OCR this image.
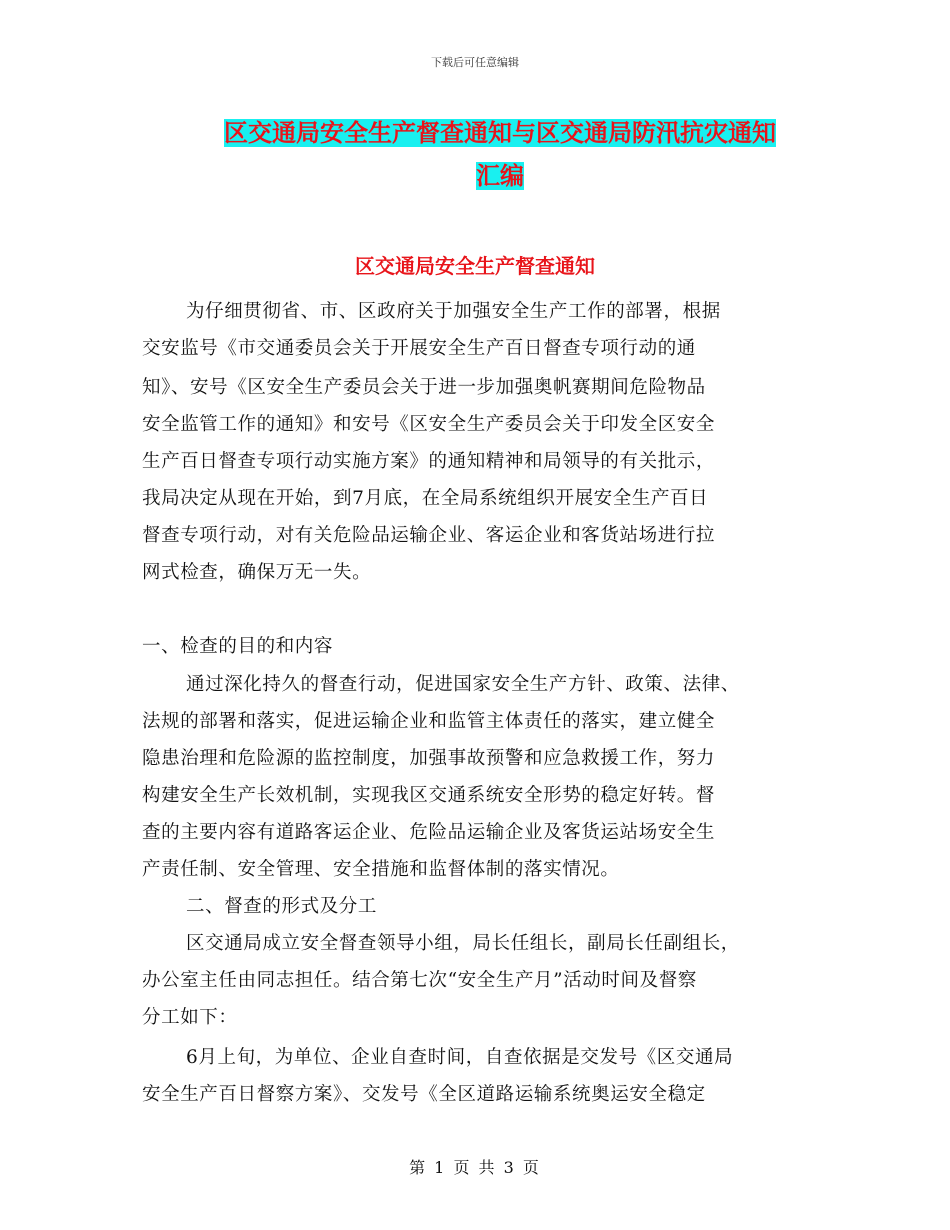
下载后可任意编辑
区交通局安全生产督查通知与区交通局防汛抗灾通知
汇编
区交通局安全生产督查通知
为仔细贯彻省、市、区政府关于加强安全生产工作的部署，根据
交安监号《市交通委员会关于开展安全生产百日督查专项行动的通
知》、安号《区安全生产委员会关于进一步加强奥帆赛期间危险物品
安全监管工作的通知》和安号《区安全生产委员会关于印发全区安全
生产百日督查专项行动实施方案》的通知精神和局领导的有关批示，
我局决定从现在开始，到7月底，在全局系统组织开展安全生产百日
督查专项行动，对有关危险品运输企业、客运企业和客货站场进行拉
网式检查，确保万无一失。
一、检查的目的和内容
通过深化持久的督查行动，促进国家安全生产方针、政策、法律、
法规的部署和落实，促进运输企业和监管主体责任的落实，建立健全
隐患治理和危险源的监控制度，加强事故预警和应急救援工作，努力
构建安全生产长效机制，实现我区交通系统安全形势的稳定好转。督
查的主要内容有道路客运企业、危险品运输企业及客货运站场安全生
产责任制、安全管理、安全措施和监督体制的落实情况。
二、督查的形式及分工
区交通局成立安全督查领导小组，局长任组长，副局长任副组长，
办公室主任由同志担任。结合第七次“安全生产月”活动时间及督察
分工如下：
6月上旬，为单位、企业自查时间，自查依据是交发号《区交通局
安全生产百日督察方案》、交发号《全区道路运输系统奥运安全稳定
第 1 页 共 3 页
